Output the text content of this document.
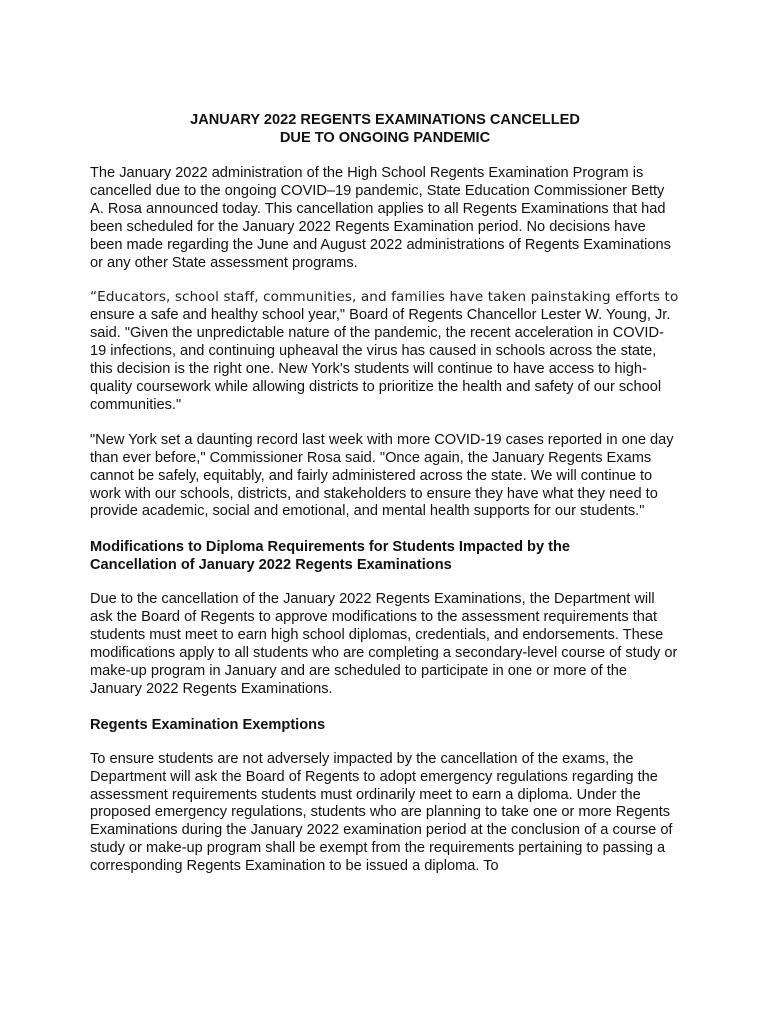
JANUARY 2022 REGENTS EXAMINATIONS CANCELLED
DUE TO ONGOING PANDEMIC

The January 2022 administration of the High School Regents Examination Program is cancelled due to the ongoing COVID–19 pandemic, State Education Commissioner Betty A. Rosa announced today. This cancellation applies to all Regents Examinations that had been scheduled for the January 2022 Regents Examination period. No decisions have been made regarding the June and August 2022 administrations of Regents Examinations or any other State assessment programs.

“Educators, school staff, communities, and families have taken painstaking efforts to
ensure a safe and healthy school year," Board of Regents Chancellor Lester W. Young, Jr. said. "Given the unpredictable nature of the pandemic, the recent acceleration in COVID-19 infections, and continuing upheaval the virus has caused in schools across the state, this decision is the right one. New York's students will continue to have access to high-quality coursework while allowing districts to prioritize the health and safety of our school communities."

"New York set a daunting record last week with more COVID-19 cases reported in one day than ever before," Commissioner Rosa said. "Once again, the January Regents Exams cannot be safely, equitably, and fairly administered across the state. We will continue to work with our schools, districts, and stakeholders to ensure they have what they need to provide academic, social and emotional, and mental health supports for our students."

Modifications to Diploma Requirements for Students Impacted by the
Cancellation of January 2022 Regents Examinations

Due to the cancellation of the January 2022 Regents Examinations, the Department will ask the Board of Regents to approve modifications to the assessment requirements that students must meet to earn high school diplomas, credentials, and endorsements. These modifications apply to all students who are completing a secondary-level course of study or make-up program in January and are scheduled to participate in one or more of the January 2022 Regents Examinations.

Regents Examination Exemptions

To ensure students are not adversely impacted by the cancellation of the exams, the Department will ask the Board of Regents to adopt emergency regulations regarding the assessment requirements students must ordinarily meet to earn a diploma. Under the proposed emergency regulations, students who are planning to take one or more Regents Examinations during the January 2022 examination period at the conclusion of a course of study or make-up program shall be exempt from the requirements pertaining to passing a corresponding Regents Examination to be issued a diploma. To
